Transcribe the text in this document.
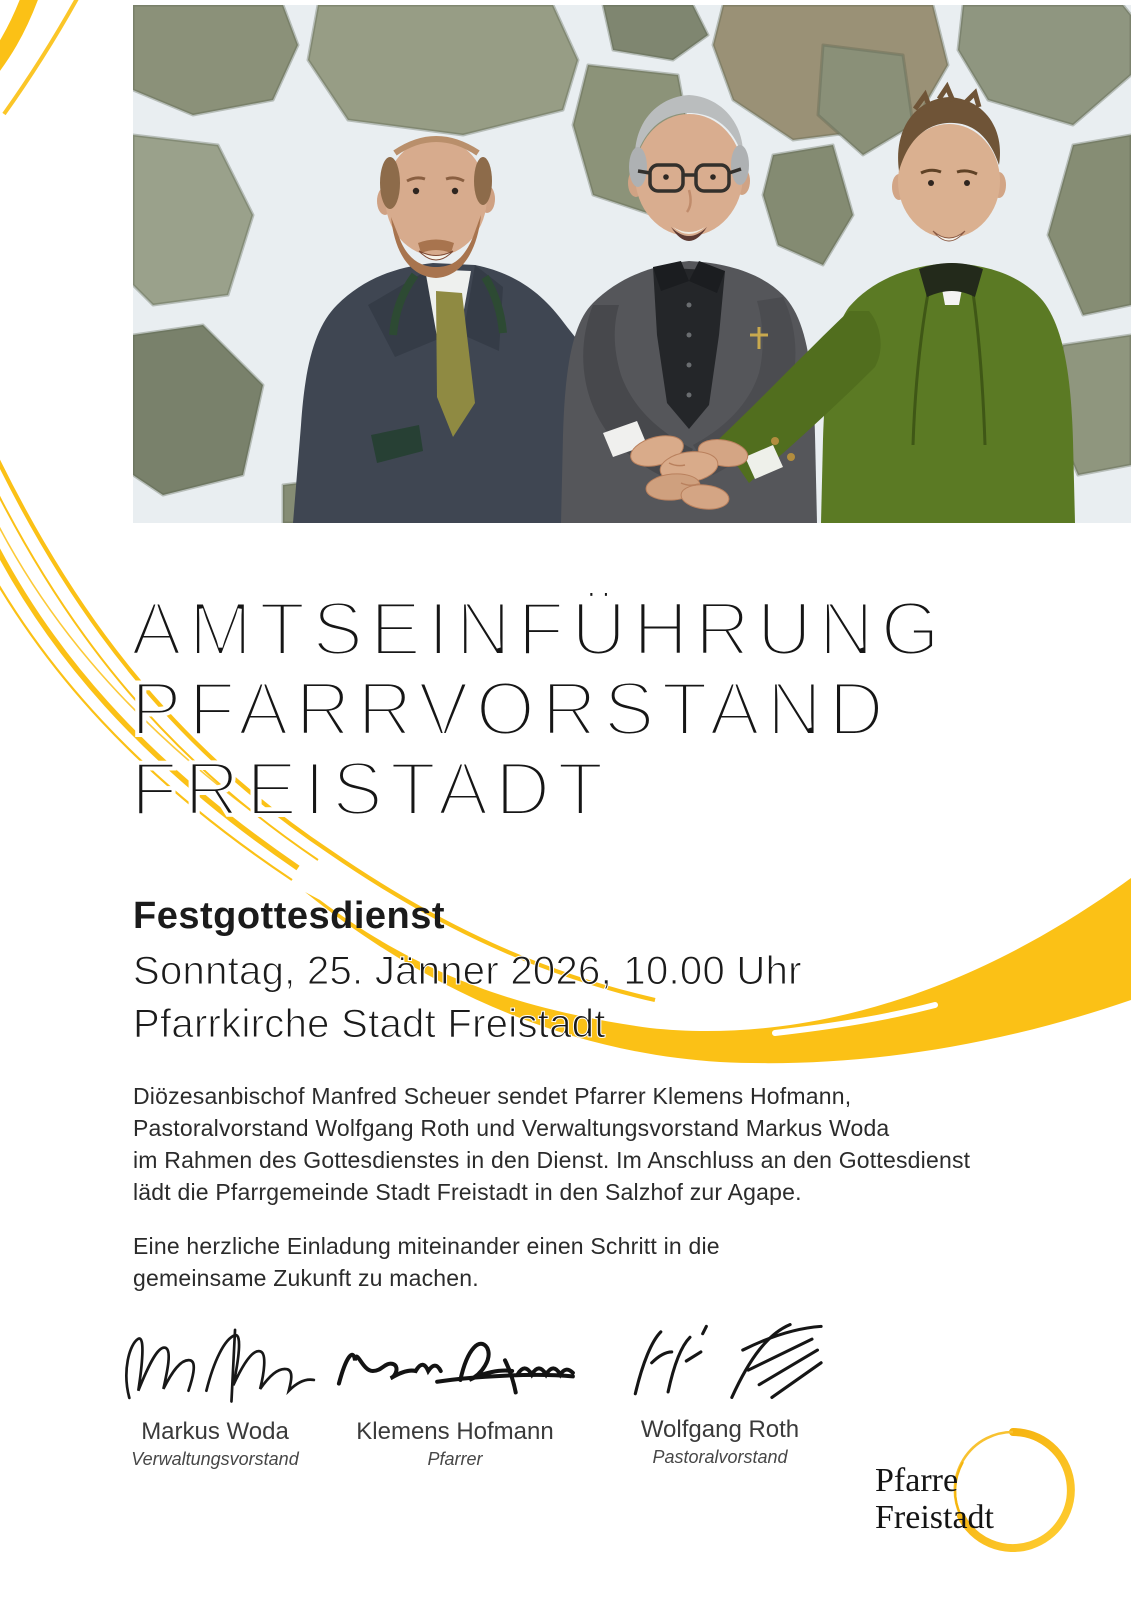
AMTSEINFÜHRUNG
PFARRVORSTAND
FREISTADT
Festgottesdienst
Sonntag, 25. Jänner 2026, 10.00 Uhr
Pfarrkirche Stadt Freistadt
Diözesanbischof Manfred Scheuer sendet Pfarrer Klemens Hofmann,
Pastoralvorstand Wolfgang Roth und Verwaltungsvorstand Markus Woda
im Rahmen des Gottesdienstes in den Dienst. Im Anschluss an den Gottesdienst
lädt die Pfarrgemeinde Stadt Freistadt in den Salzhof zur Agape.
Eine herzliche Einladung miteinander einen Schritt in die
gemeinsame Zukunft zu machen.
Markus Woda
Verwaltungsvorstand
Klemens Hofmann
Pfarrer
Wolfgang Roth
Pastoralvorstand
Pfarre
Freistadt
